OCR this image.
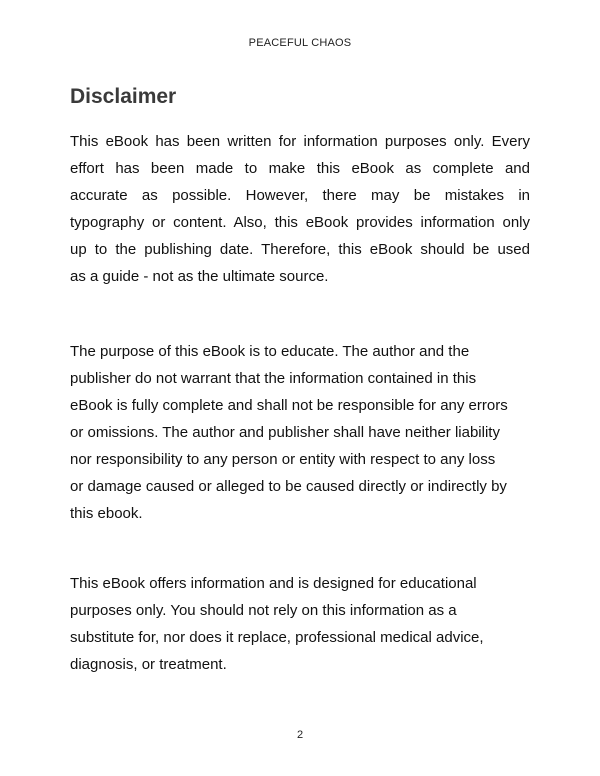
PEACEFUL CHAOS
Disclaimer

This eBook has been written for information purposes only. Every
effort has been made to make this eBook as complete and
accurate as possible. However, there may be mistakes in
typography or content. Also, this eBook provides information only
up to the publishing date. Therefore, this eBook should be used
as a guide - not as the ultimate source.

The purpose of this eBook is to educate. The author and the
publisher do not warrant that the information contained in this
eBook is fully complete and shall not be responsible for any errors
or omissions. The author and publisher shall have neither liability
nor responsibility to any person or entity with respect to any loss
or damage caused or alleged to be caused directly or indirectly by
this ebook.

This eBook offers information and is designed for educational
purposes only. You should not rely on this information as a
substitute for, nor does it replace, professional medical advice,
diagnosis, or treatment.

2
